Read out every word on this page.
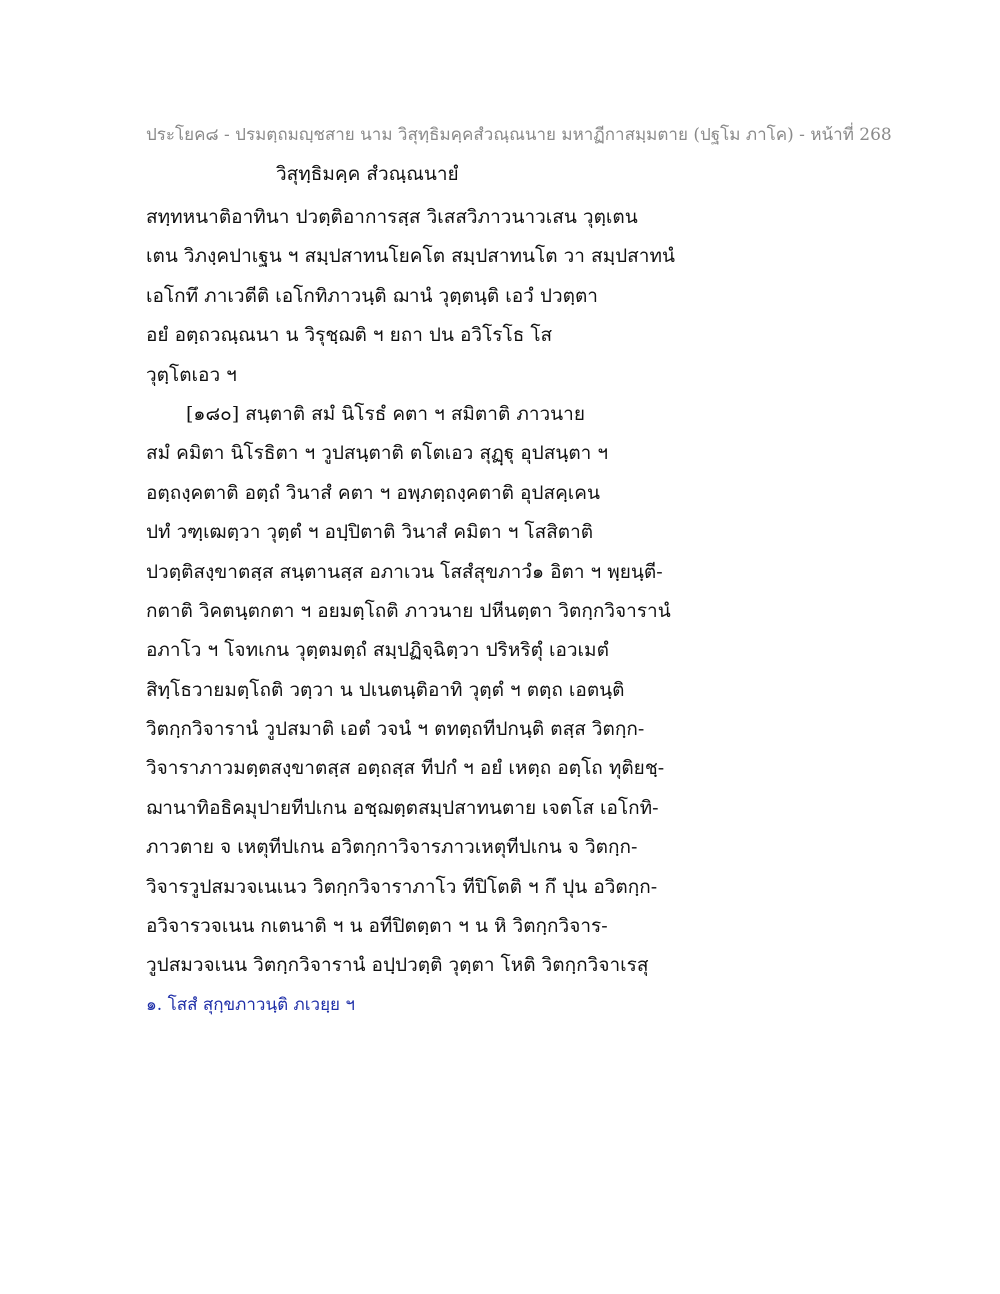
ประโยค๘ - ปรมตฺถมญฺชสาย นาม วิสุทฺธิมคฺคสํวณฺณนาย มหาฏีกาสมฺมตาย (ปฐโม ภาโค) - หน้าที่ 268
วิสุทฺธิมคฺค สํวณฺณนายํ
สทฺทหนาติอาทินา ปวตฺติอาการสฺส วิเสสวิภาวนาวเสน วุตฺเตน
เตน วิภงฺคปาเฐน ฯ สมฺปสาทนโยคโต สมฺปสาทนโต วา สมฺปสาทนํ
เอโกทึ ภาเวตีติ เอโกทิภาวนฺติ ฌานํ วุตฺตนฺติ เอวํ ปวตฺตา
อยํ อตฺถวณฺณนา น วิรุชฺฌติ ฯ ยถา ปน อวิโรโธ โส
วุตฺโตเอว ฯ
[๑๘๐] สนฺตาติ สมํ นิโรธํ คตา ฯ สมิตาติ ภาวนาย
สมํ คมิตา นิโรธิตา ฯ วูปสนฺตาติ ตโตเอว สุฏฺฐุ อุปสนฺตา ฯ
อตฺถงฺคตาติ อตฺถํ วินาสํ คตา ฯ อพฺภตฺถงฺคตาติ อุปสคฺเคน
ปทํ วฑฺเฒตฺวา วุตฺตํ ฯ อปฺปิตาติ วินาสํ คมิตา ฯ โสสิตาติ
ปวตฺติสงฺขาตสฺส สนฺตานสฺส อภาเวน โสสํสุขภาวํ๑ อิตา ฯ พฺยนฺตี-
กตาติ วิคตนฺตกตา ฯ อยมตฺโถติ ภาวนาย ปหีนตฺตา วิตกฺกวิจารานํ
อภาโว ฯ โจทเกน วุตฺตมตฺถํ สมฺปฏิจฺฉิตฺวา ปริหริตุํ เอวเมตํ
สิทฺโธวายมตฺโถติ วตฺวา น ปเนตนฺติอาทิ วุตฺตํ ฯ ตตฺถ เอตนฺติ
วิตกฺกวิจารานํ วูปสมาติ เอตํ วจนํ ฯ ตทตฺถทีปกนฺติ ตสฺส วิตกฺก-
วิจาราภาวมตฺตสงฺขาตสฺส อตฺถสฺส ทีปกํ ฯ อยํ เหตฺถ อตฺโถ ทุติยชฺ-
ฌานาทิอธิคมุปายทีปเกน อชฺฌตฺตสมฺปสาทนตาย เจตโส เอโกทิ-
ภาวตาย จ เหตุทีปเกน อวิตกฺกาวิจารภาวเหตุทีปเกน จ วิตกฺก-
วิจารวูปสมวจเนเนว วิตกฺกวิจาราภาโว ทีปิโตติ ฯ กึ ปุน อวิตกฺก-
อวิจารวจเนน กเตนาติ ฯ น อทีปิตตฺตา ฯ น หิ วิตกฺกวิจาร-
วูปสมวจเนน วิตกฺกวิจารานํ อปฺปวตฺติ วุตฺตา โหติ วิตกฺกวิจาเรสุ
๑. โสสํ สุกฺขภาวนฺติ ภเวยฺย ฯ
